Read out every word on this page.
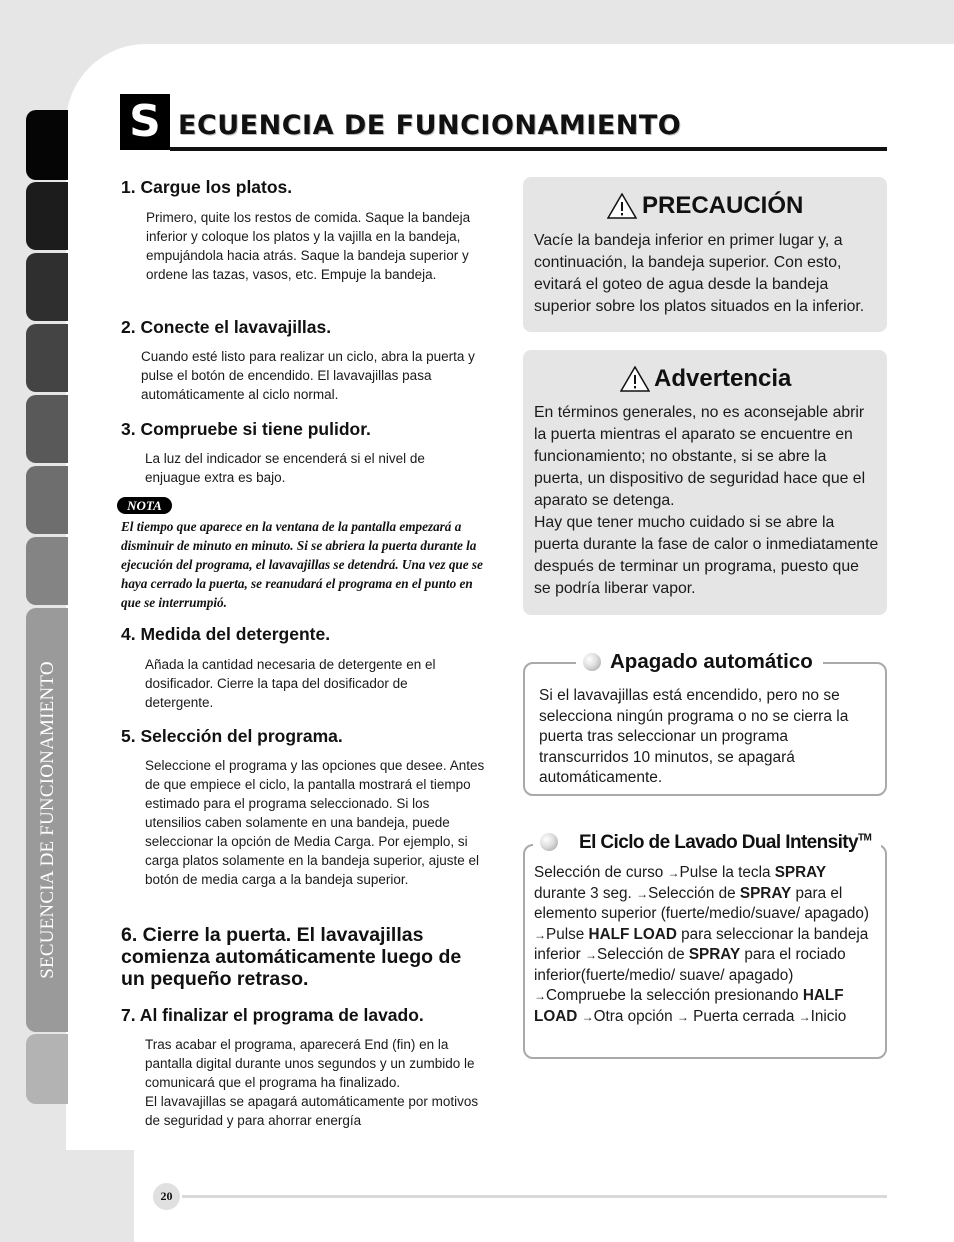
SECUENCIA DE FUNCIONAMIENTO
S ECUENCIA DE FUNCIONAMIENTO
1. Cargue los platos.
Primero, quite los restos de comida. Saque la bandeja inferior y coloque los platos y la vajilla en la bandeja, empujándola hacia atrás. Saque la bandeja superior y ordene las tazas, vasos, etc. Empuje la bandeja.
2. Conecte el lavavajillas.
Cuando esté listo para realizar un ciclo, abra la puerta y pulse el botón de encendido. El lavavajillas pasa automáticamente al ciclo normal.
3. Compruebe si tiene pulidor.
La luz del indicador se encenderá si el nivel de enjuague extra es bajo.
NOTA
El tiempo que aparece en la ventana de la pantalla empezará a disminuir de minuto en minuto. Si se abriera la puerta durante la ejecución del programa, el lavavajillas se detendrá. Una vez que se haya cerrado la puerta, se reanudará el programa en el punto en que se interrumpió.
4. Medida del detergente.
Añada la cantidad necesaria de detergente en el dosificador. Cierre la tapa del dosificador de detergente.
5. Selección del programa.
Seleccione el programa y las opciones que desee. Antes de que empiece el ciclo, la pantalla mostrará el tiempo estimado para el programa seleccionado. Si los utensilios caben solamente en una bandeja, puede seleccionar la opción de Media Carga. Por ejemplo, si carga platos solamente en la bandeja superior, ajuste el botón de media carga a la bandeja superior.
6. Cierre la puerta. El lavavajillas comienza automáticamente luego de un pequeño retraso.
7. Al finalizar el programa de lavado.
Tras acabar el programa, aparecerá End (fin) en la pantalla digital durante unos segundos y un zumbido le comunicará que el programa ha finalizado.
El lavavajillas se apagará automáticamente por motivos de seguridad y para ahorrar energía
PRECAUCIÓN
Vacíe la bandeja inferior en primer lugar y, a continuación, la bandeja superior. Con esto, evitará el goteo de agua desde la bandeja superior sobre los platos situados en la inferior.
Advertencia
En términos generales, no es aconsejable abrir la puerta mientras el aparato se encuentre en funcionamiento; no obstante, si se abre la puerta, un dispositivo de seguridad hace que el aparato se detenga.
Hay que tener mucho cuidado si se abre la puerta durante la fase de calor o inmediatamente después de terminar un programa, puesto que se podría liberar vapor.
Apagado automático
Si el lavavajillas está encendido, pero no se selecciona ningún programa o no se cierra la puerta tras seleccionar un programa transcurridos 10 minutos, se apagará automáticamente.
El Ciclo de Lavado Dual Intensity™
Selección de curso →Pulse la tecla SPRAY durante 3 seg. →Selección de SPRAY para el elemento superior (fuerte/medio/suave/ apagado) →Pulse HALF LOAD para seleccionar la bandeja inferior →Selección de SPRAY para el rociado inferior(fuerte/medio/ suave/ apagado) →Compruebe la selección presionando HALF LOAD →Otra opción → Puerta cerrada →Inicio
20
